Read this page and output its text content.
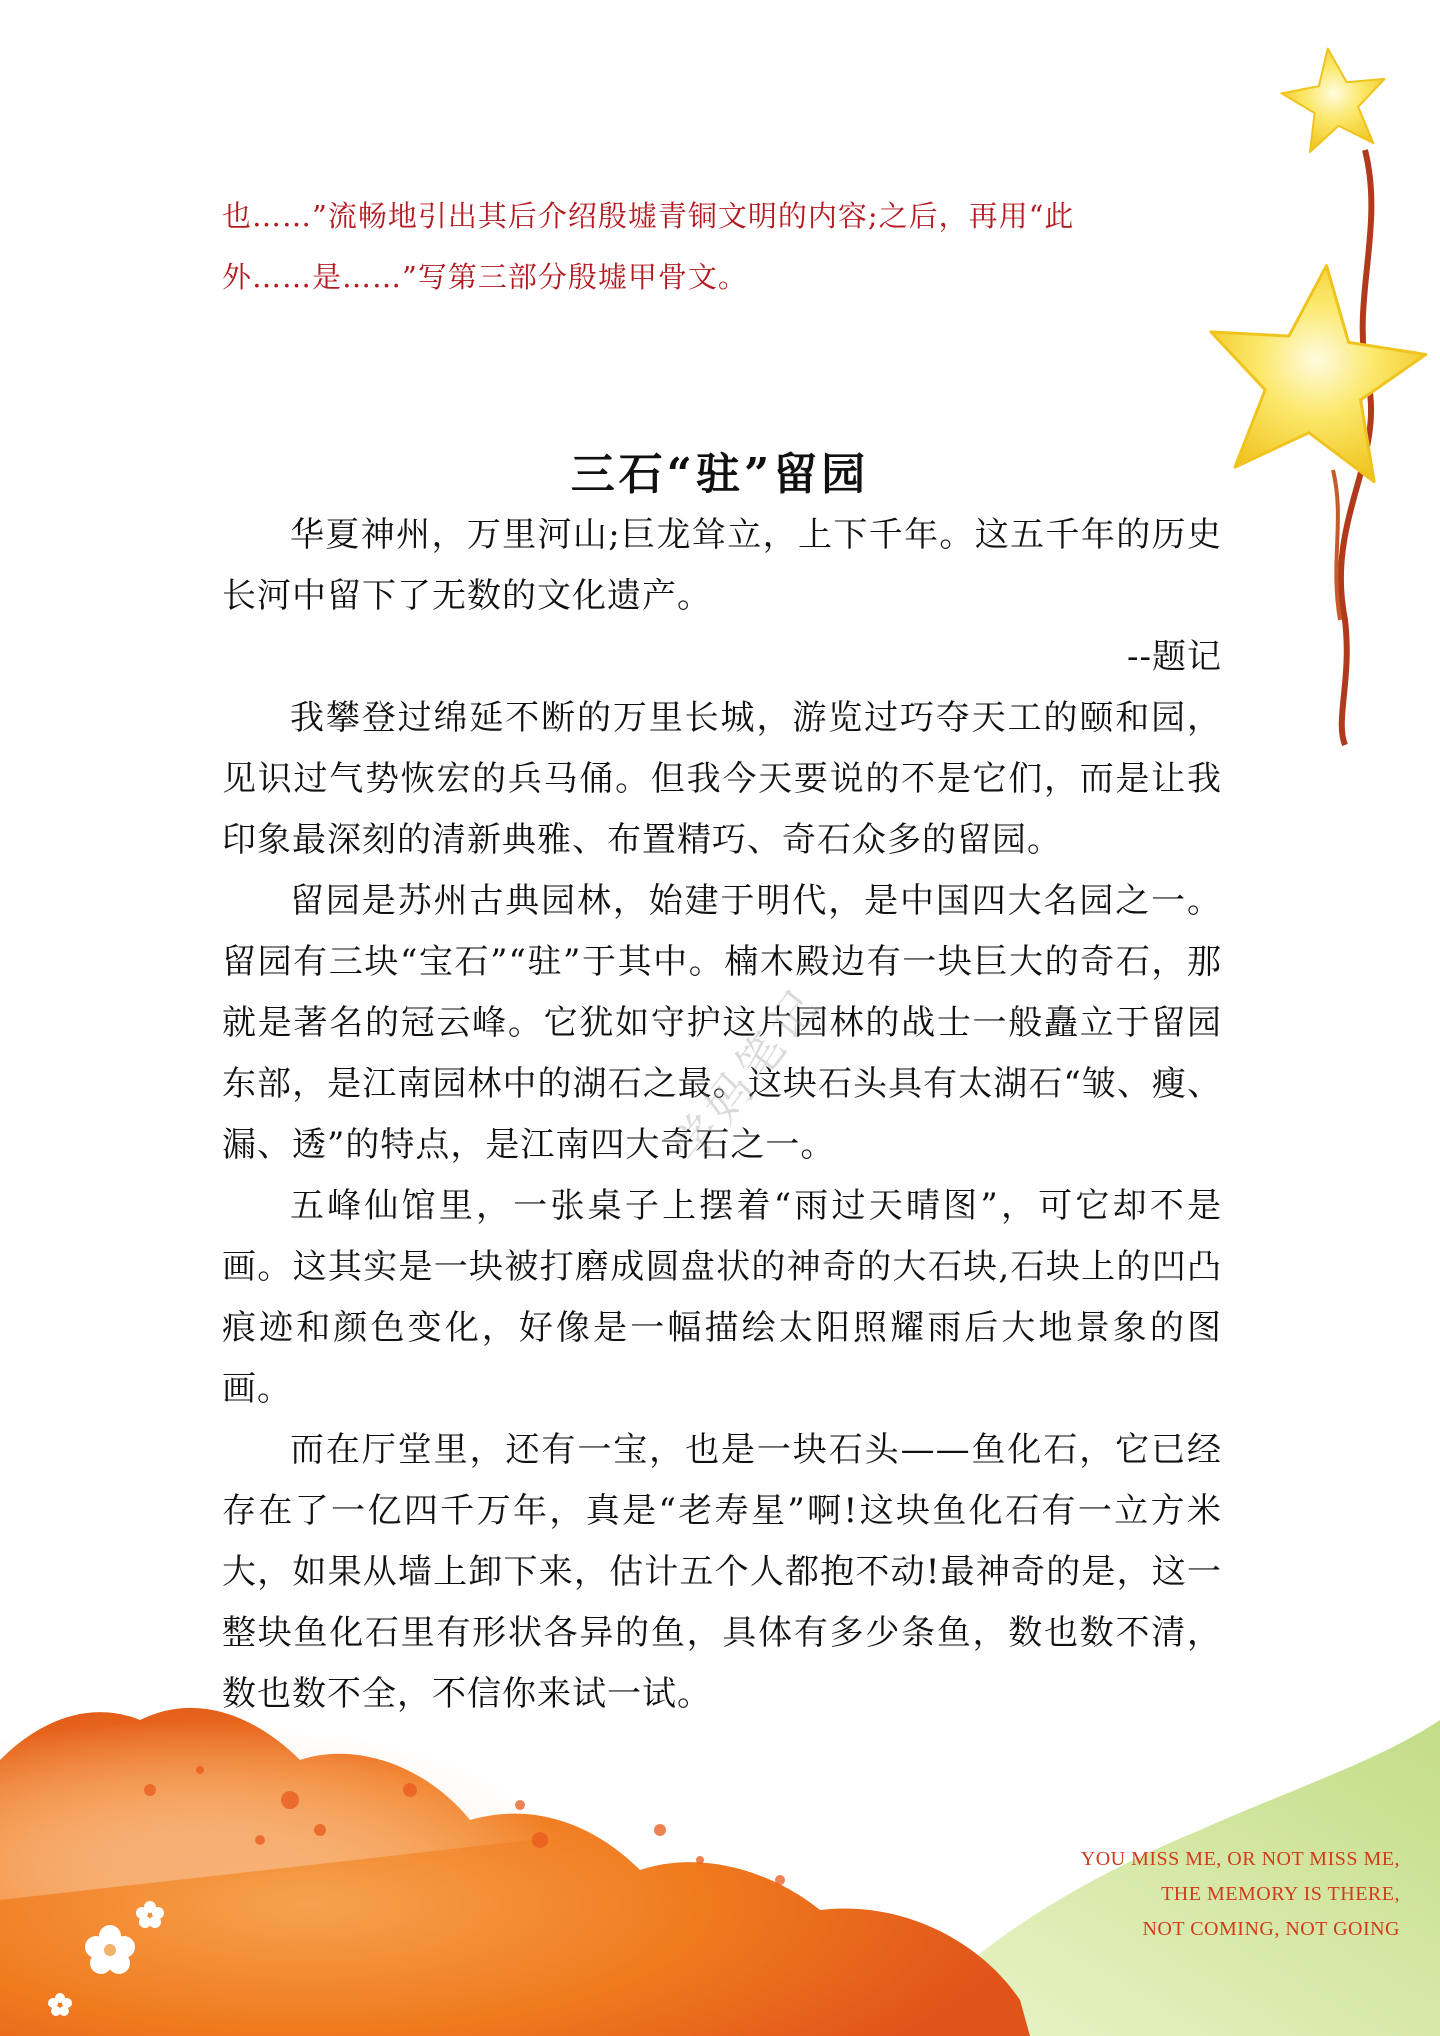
也……”流畅地引出其后介绍殷墟青铜文明的内容;之后，再用“此

外……是……”写第三部分殷墟甲骨文。

三石“驻”留园

华夏神州，万里河山;巨龙耸立，上下千年。这五千年的历史长河中留下了无数的文化遗产。

--题记

我攀登过绵延不断的万里长城，游览过巧夺天工的颐和园，见识过气势恢宏的兵马俑。但我今天要说的不是它们，而是让我印象最深刻的清新典雅、布置精巧、奇石众多的留园。

留园是苏州古典园林，始建于明代，是中国四大名园之一。留园有三块“宝石”“驻”于其中。楠木殿边有一块巨大的奇石，那就是著名的冠云峰。它犹如守护这片园林的战士一般矗立于留园东部，是江南园林中的湖石之最。这块石头具有太湖石“皱、瘦、漏、透”的特点，是江南四大奇石之一。

五峰仙馆里，一张桌子上摆着“雨过天晴图”，可它却不是画。这其实是一块被打磨成圆盘状的神奇的大石块,石块上的凹凸痕迹和颜色变化，好像是一幅描绘太阳照耀雨后大地景象的图画。

而在厅堂里，还有一宝，也是一块石头——鱼化石，它已经存在了一亿四千万年，真是“老寿星”啊!这块鱼化石有一立方米大，如果从墙上卸下来，估计五个人都抱不动!最神奇的是，这一整块鱼化石里有形状各异的鱼，具体有多少条鱼，数也数不清，数也数不全，不信你来试一试。

学妈笔记
YOU MISS ME, OR NOT MISS ME,
THE MEMORY IS THERE,
NOT COMING, NOT GOING
